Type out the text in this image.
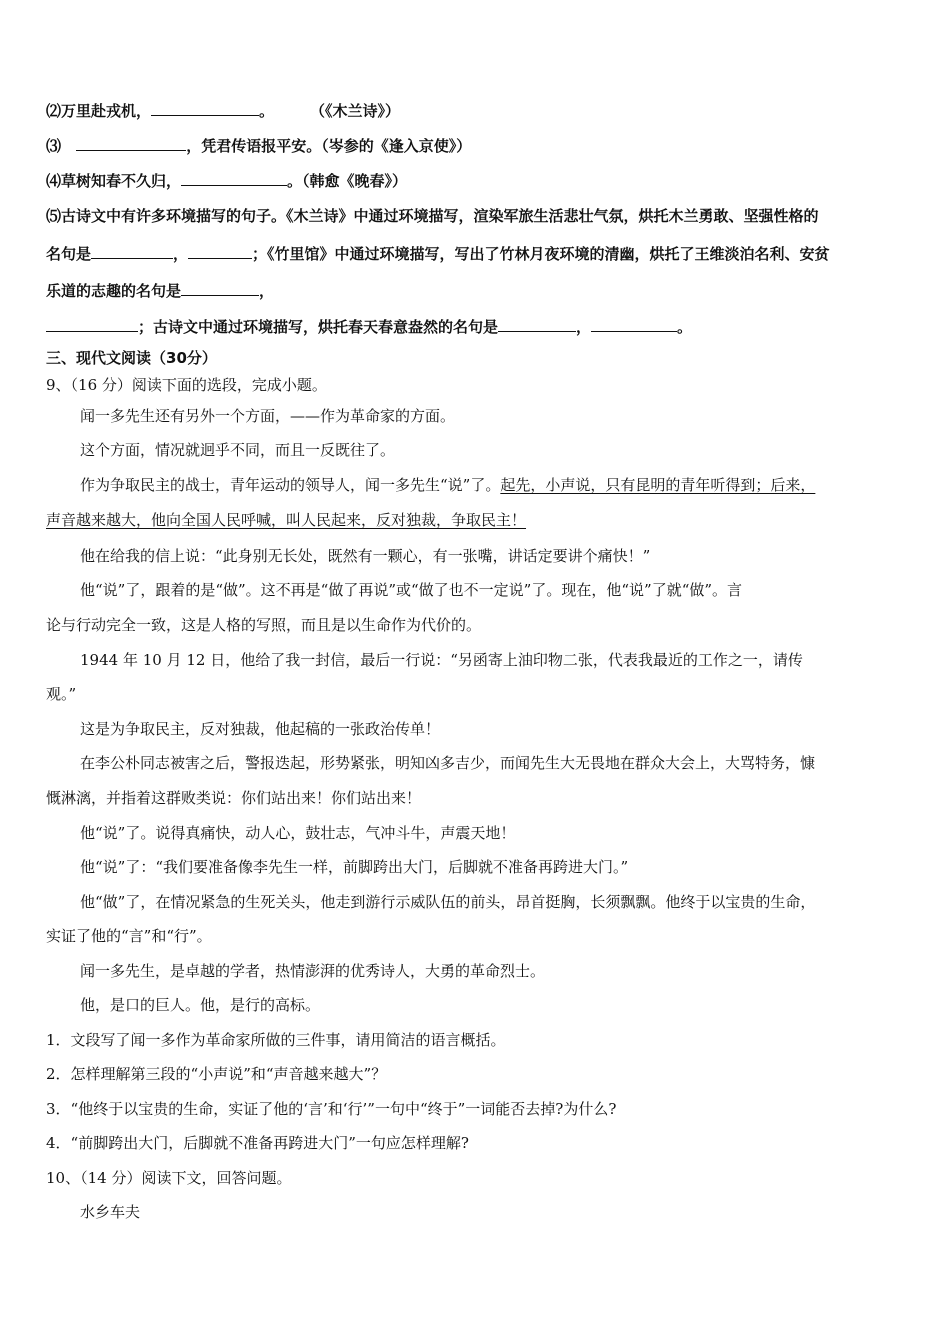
⑵万里赴戎机，	。 （《木兰诗》）
⑶	，凭君传语报平安。（岑参的《逢入京使》）
⑷草树知春不久归，	。（韩愈《晚春》）
⑸古诗文中有许多环境描写的句子。《木兰诗》中通过环境描写，渲染军旅生活悲壮气氛，烘托木兰勇敢、坚强性格的
名句是	，	；《竹里馆》中通过环境描写，写出了竹林月夜环境的清幽，烘托了王维淡泊名利、安贫
乐道的志趣的名句是	，
；古诗文中通过环境描写，烘托春天春意盎然的名句是	，	。
三、现代文阅读（30分）
9、（16 分）阅读下面的选段，完成小题。
闻一多先生还有另外一个方面，——作为革命家的方面。
这个方面，情况就迥乎不同，而且一反既往了。
作为争取民主的战士，青年运动的领导人，闻一多先生“说”了。起先，小声说，只有昆明的青年听得到；后来，
声音越来越大，他向全国人民呼喊，叫人民起来，反对独裁，争取民主！
他在给我的信上说：“此身别无长处，既然有一颗心，有一张嘴，讲话定要讲个痛快！”
他“说”了，跟着的是“做”。这不再是“做了再说”或“做了也不一定说”了。现在，他“说”了就“做”。言
论与行动完全一致，这是人格的写照，而且是以生命作为代价的。
1944 年 10 月 12 日，他给了我一封信，最后一行说：“另函寄上油印物二张，代表我最近的工作之一，请传
观。”
这是为争取民主，反对独裁，他起稿的一张政治传单！
在李公朴同志被害之后，警报迭起，形势紧张，明知凶多吉少，而闻先生大无畏地在群众大会上，大骂特务，慷
慨淋漓，并指着这群败类说：你们站出来！你们站出来！
他“说”了。说得真痛快，动人心，鼓壮志，气冲斗牛，声震天地！
他“说”了：“我们要准备像李先生一样，前脚跨出大门，后脚就不准备再跨进大门。”
他“做”了，在情况紧急的生死关头，他走到游行示威队伍的前头，昂首挺胸，长须飘飘。他终于以宝贵的生命，
实证了他的“言”和“行”。
闻一多先生，是卓越的学者，热情澎湃的优秀诗人，大勇的革命烈士。
他，是口的巨人。他，是行的高标。
1．文段写了闻一多作为革命家所做的三件事，请用简洁的语言概括。
2．怎样理解第三段的“小声说”和“声音越来越大”？
3．“他终于以宝贵的生命，实证了他的‘言’和‘行’”一句中“终于”一词能否去掉?为什么?
4．“前脚跨出大门，后脚就不准备再跨进大门”一句应怎样理解?
10、（14 分）阅读下文，回答问题。
水乡车夫
